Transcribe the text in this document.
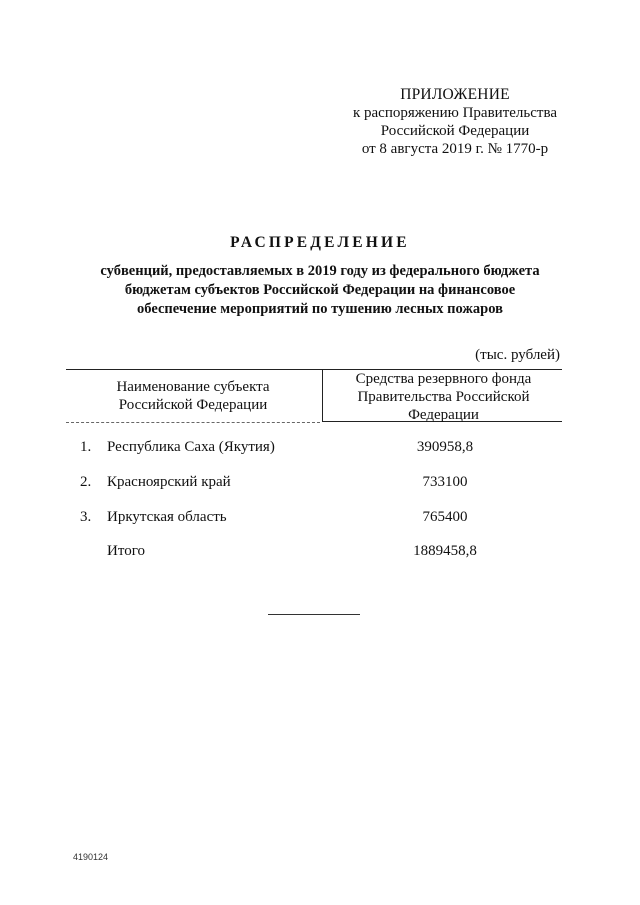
ПРИЛОЖЕНИЕ
к распоряжению Правительства
Российской Федерации
от 8 августа 2019 г. № 1770-р
РАСПРЕДЕЛЕНИЕ
субвенций, предоставляемых в 2019 году из федерального бюджета
бюджетам субъектов Российской Федерации на финансовое
обеспечение мероприятий по тушению лесных пожаров
(тыс. рублей)
Наименование субъекта
Российской Федерации
Средства резервного фонда
Правительства Российской
Федерации
1.	Республика Саха (Якутия)	390958,8
2.	Красноярский край	733100
3.	Иркутская область	765400
Итого	1889458,8
4190124
